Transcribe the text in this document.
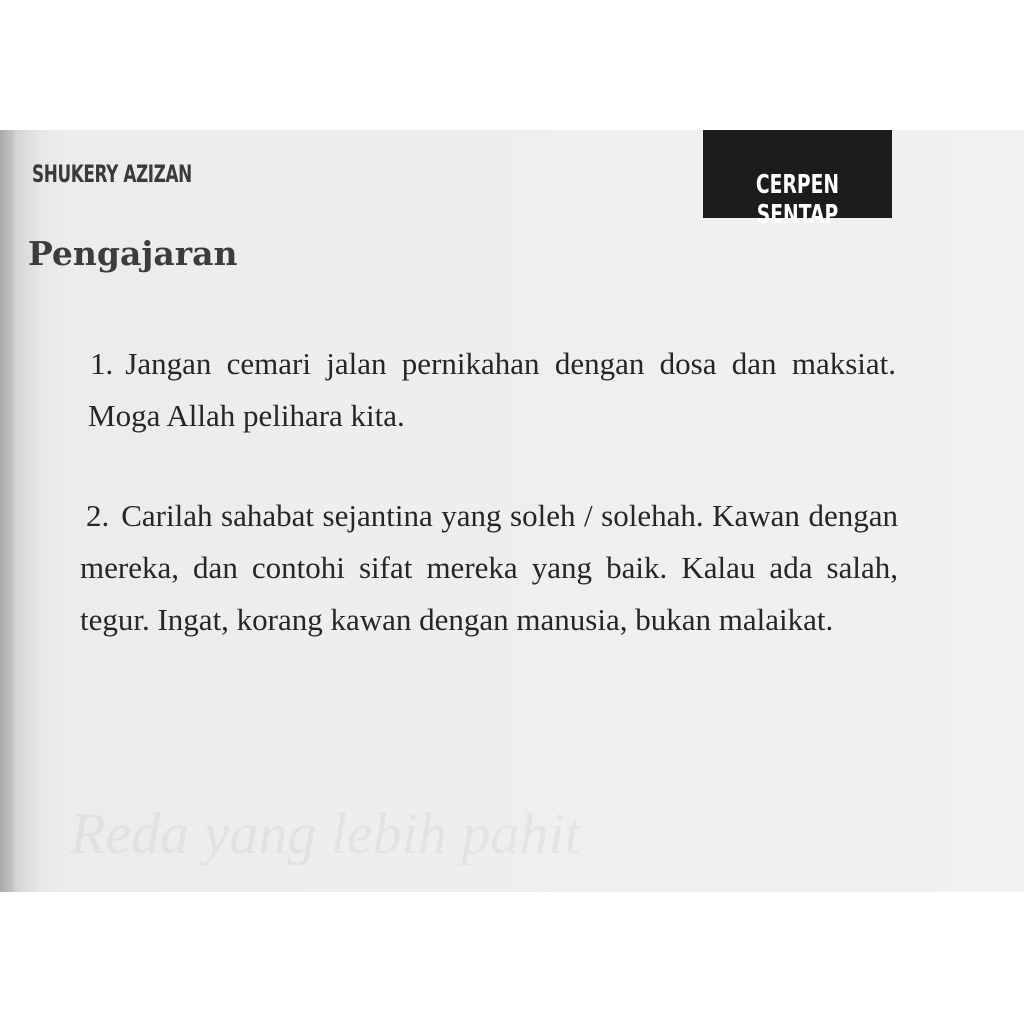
SHUKERY AZIZAN	CERPEN SENTAP
Pengajaran
1. Jangan cemari jalan pernikahan dengan dosa dan maksiat. Moga Allah pelihara kita.
2. Carilah sahabat sejantina yang soleh / solehah. Kawan dengan mereka, dan contohi sifat mereka yang baik. Kalau ada salah, tegur. Ingat, korang kawan dengan manusia, bukan malaikat.
